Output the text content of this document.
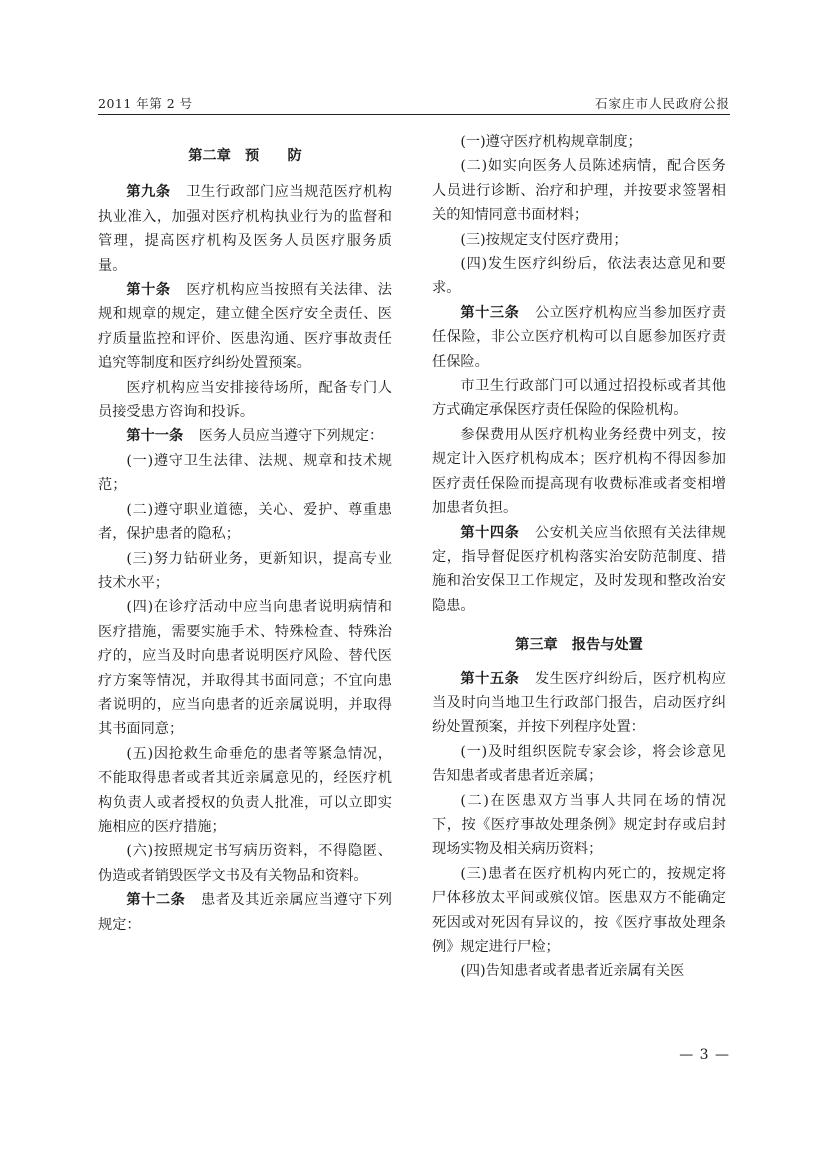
2011 年第 2 号	石家庄市人民政府公报
第二章　预　　防

第九条 卫生行政部门应当规范医疗机构执业准入，加强对医疗机构执业行为的监督和管理，提高医疗机构及医务人员医疗服务质量。

第十条 医疗机构应当按照有关法律、法规和规章的规定，建立健全医疗安全责任、医疗质量监控和评价、医患沟通、医疗事故责任追究等制度和医疗纠纷处置预案。

医疗机构应当安排接待场所，配备专门人员接受患方咨询和投诉。

第十一条 医务人员应当遵守下列规定：

(一)遵守卫生法律、法规、规章和技术规范；

(二)遵守职业道德，关心、爱护、尊重患者，保护患者的隐私；

(三)努力钻研业务，更新知识，提高专业技术水平；

(四)在诊疗活动中应当向患者说明病情和医疗措施，需要实施手术、特殊检查、特殊治疗的，应当及时向患者说明医疗风险、替代医疗方案等情况，并取得其书面同意；不宜向患者说明的，应当向患者的近亲属说明，并取得其书面同意；

(五)因抢救生命垂危的患者等紧急情况，不能取得患者或者其近亲属意见的，经医疗机构负责人或者授权的负责人批准，可以立即实施相应的医疗措施；

(六)按照规定书写病历资料，不得隐匿、伪造或者销毁医学文书及有关物品和资料。

第十二条 患者及其近亲属应当遵守下列规定：

(一)遵守医疗机构规章制度；

(二)如实向医务人员陈述病情，配合医务人员进行诊断、治疗和护理，并按要求签署相关的知情同意书面材料；

(三)按规定支付医疗费用；

(四)发生医疗纠纷后，依法表达意见和要求。

第十三条 公立医疗机构应当参加医疗责任保险，非公立医疗机构可以自愿参加医疗责任保险。

市卫生行政部门可以通过招投标或者其他方式确定承保医疗责任保险的保险机构。

参保费用从医疗机构业务经费中列支，按规定计入医疗机构成本；医疗机构不得因参加医疗责任保险而提高现有收费标准或者变相增加患者负担。

第十四条 公安机关应当依照有关法律规定，指导督促医疗机构落实治安防范制度、措施和治安保卫工作规定，及时发现和整改治安隐患。

第三章　报告与处置

第十五条 发生医疗纠纷后，医疗机构应当及时向当地卫生行政部门报告，启动医疗纠纷处置预案，并按下列程序处置：

(一)及时组织医院专家会诊，将会诊意见告知患者或者患者近亲属；

(二)在医患双方当事人共同在场的情况下，按《医疗事故处理条例》规定封存或启封现场实物及相关病历资料；

(三)患者在医疗机构内死亡的，按规定将尸体移放太平间或殡仪馆。医患双方不能确定死因或对死因有异议的，按《医疗事故处理条例》规定进行尸检；

(四)告知患者或者患者近亲属有关医

— 3 —
